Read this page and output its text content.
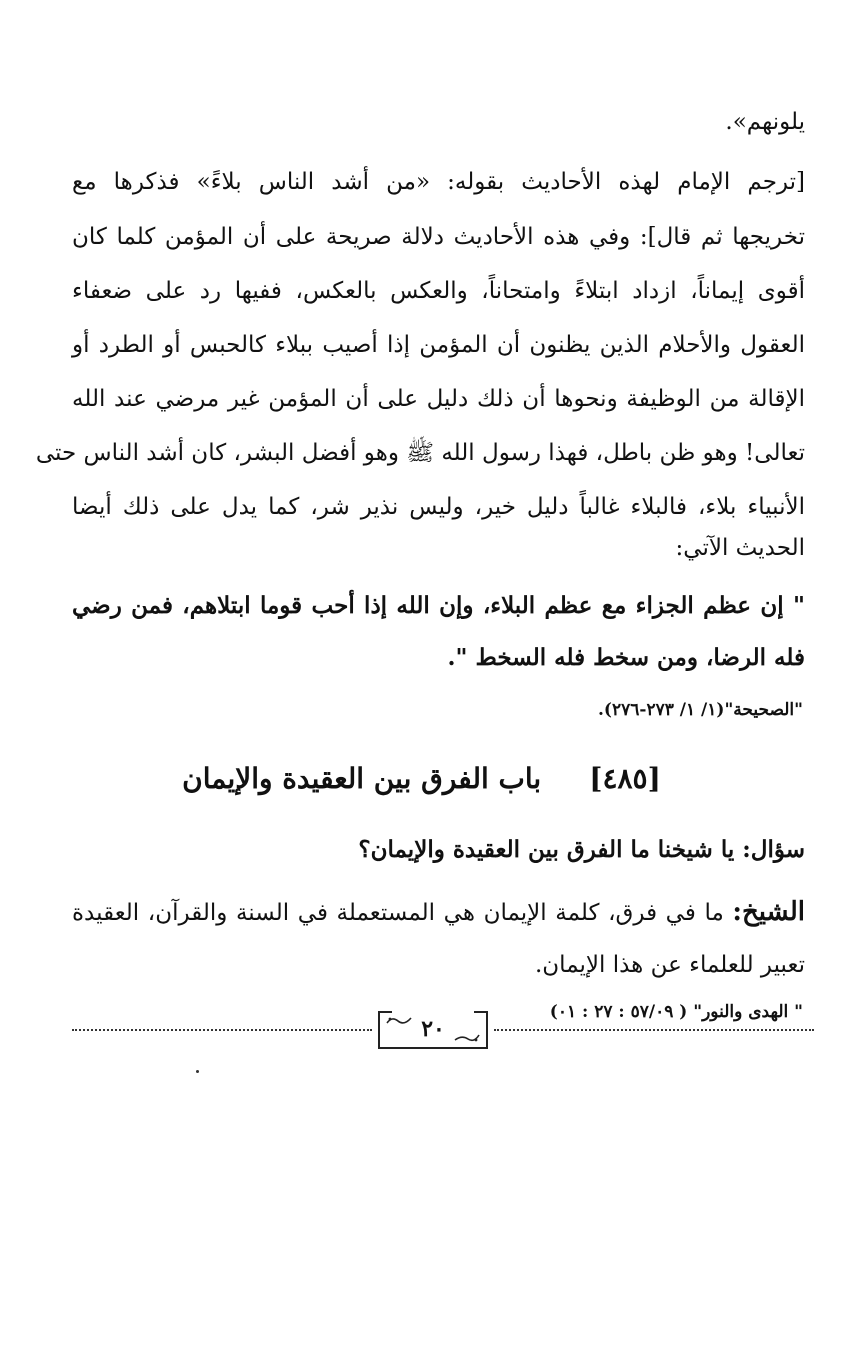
يلونهم».
[ترجم الإمام لهذه الأحاديث بقوله: «من أشد الناس بلاءً» فذكرها مع
تخريجها ثم قال]: وفي هذه الأحاديث دلالة صريحة على أن المؤمن كلما كان
أقوى إيماناً، ازداد ابتلاءً وامتحاناً، والعكس بالعكس، ففيها رد على ضعفاء
العقول والأحلام الذين يظنون أن المؤمن إذا أصيب ببلاء كالحبس أو الطرد أو
الإقالة من الوظيفة ونحوها أن ذلك دليل على أن المؤمن غير مرضي عند الله
تعالى! وهو ظن باطل، فهذا رسول الله ﷺ وهو أفضل البشر، كان أشد الناس حتى
الأنبياء بلاء، فالبلاء غالباً دليل خير، وليس نذير شر، كما يدل على ذلك أيضا
الحديث الآتي:
" إن عظم الجزاء مع عظم البلاء، وإن الله إذا أحب قوما ابتلاهم، فمن رضي
فله الرضا، ومن سخط فله السخط ".
"الصحيحة"(١/ ١/ ٢٧٣-٢٧٦).
[٤٨٥]باب الفرق بين العقيدة والإيمان
سؤال: يا شيخنا ما الفرق بين العقيدة والإيمان؟
الشيخ: ما في فرق، كلمة الإيمان هي المستعملة في السنة والقرآن، العقيدة
تعبير للعلماء عن هذا الإيمان.
" الهدى والنور" ( ٥٧/٠٩ : ٢٧ : ٠١)
٢٠
